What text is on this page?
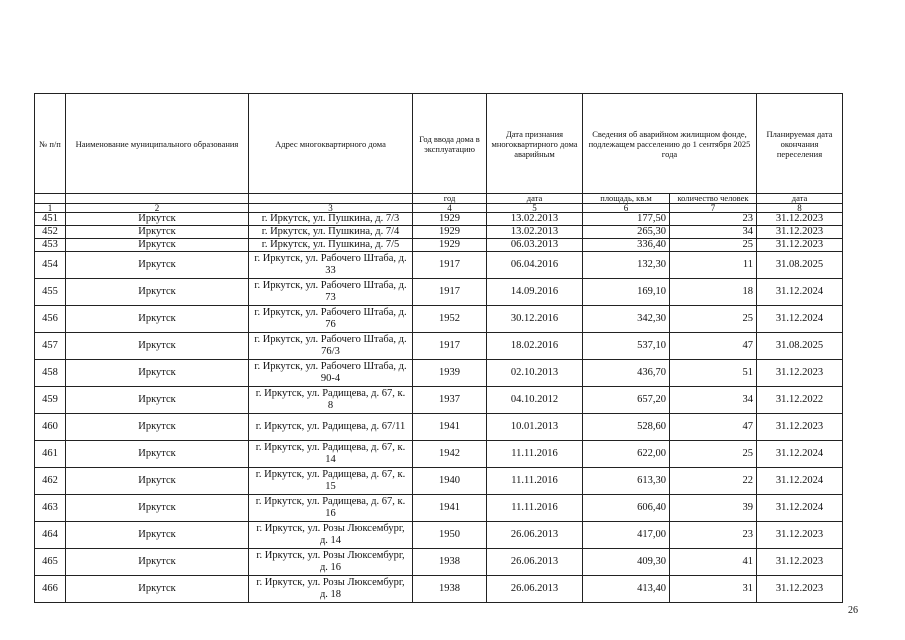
№ п/п	Наименование муниципального образования	Адрес многоквартирного дома	Год ввода дома в эксплуатацию	Дата признания многоквартирного дома аварийным	Сведения об аварийном жилищном фонде, подлежащем расселению до 1 сентября 2025 года		Планируемая дата окончания переселения
			год	дата	площадь, кв.м	количество человек	дата
1	2	3	4	5	6	7	8
451	Иркутск	г. Иркутск, ул. Пушкина, д. 7/3	1929	13.02.2013	177,50	23	31.12.2023
452	Иркутск	г. Иркутск, ул. Пушкина, д. 7/4	1929	13.02.2013	265,30	34	31.12.2023
453	Иркутск	г. Иркутск, ул. Пушкина, д. 7/5	1929	06.03.2013	336,40	25	31.12.2023
454	Иркутск	г. Иркутск, ул. Рабочего Штаба, д. 33	1917	06.04.2016	132,30	11	31.08.2025
455	Иркутск	г. Иркутск, ул. Рабочего Штаба, д. 73	1917	14.09.2016	169,10	18	31.12.2024
456	Иркутск	г. Иркутск, ул. Рабочего Штаба, д. 76	1952	30.12.2016	342,30	25	31.12.2024
457	Иркутск	г. Иркутск, ул. Рабочего Штаба, д. 76/3	1917	18.02.2016	537,10	47	31.08.2025
458	Иркутск	г. Иркутск, ул. Рабочего Штаба, д. 90-4	1939	02.10.2013	436,70	51	31.12.2023
459	Иркутск	г. Иркутск, ул. Радищева, д. 67, к. 8	1937	04.10.2012	657,20	34	31.12.2022
460	Иркутск	г. Иркутск, ул. Радищева, д. 67/11	1941	10.01.2013	528,60	47	31.12.2023
461	Иркутск	г. Иркутск, ул. Радищева, д. 67, к. 14	1942	11.11.2016	622,00	25	31.12.2024
462	Иркутск	г. Иркутск, ул. Радищева, д. 67, к. 15	1940	11.11.2016	613,30	22	31.12.2024
463	Иркутск	г. Иркутск, ул. Радищева, д. 67, к. 16	1941	11.11.2016	606,40	39	31.12.2024
464	Иркутск	г. Иркутск, ул. Розы Люксембург, д. 14	1950	26.06.2013	417,00	23	31.12.2023
465	Иркутск	г. Иркутск, ул. Розы Люксембург, д. 16	1938	26.06.2013	409,30	41	31.12.2023
466	Иркутск	г. Иркутск, ул. Розы Люксембург, д. 18	1938	26.06.2013	413,40	31	31.12.2023
26
